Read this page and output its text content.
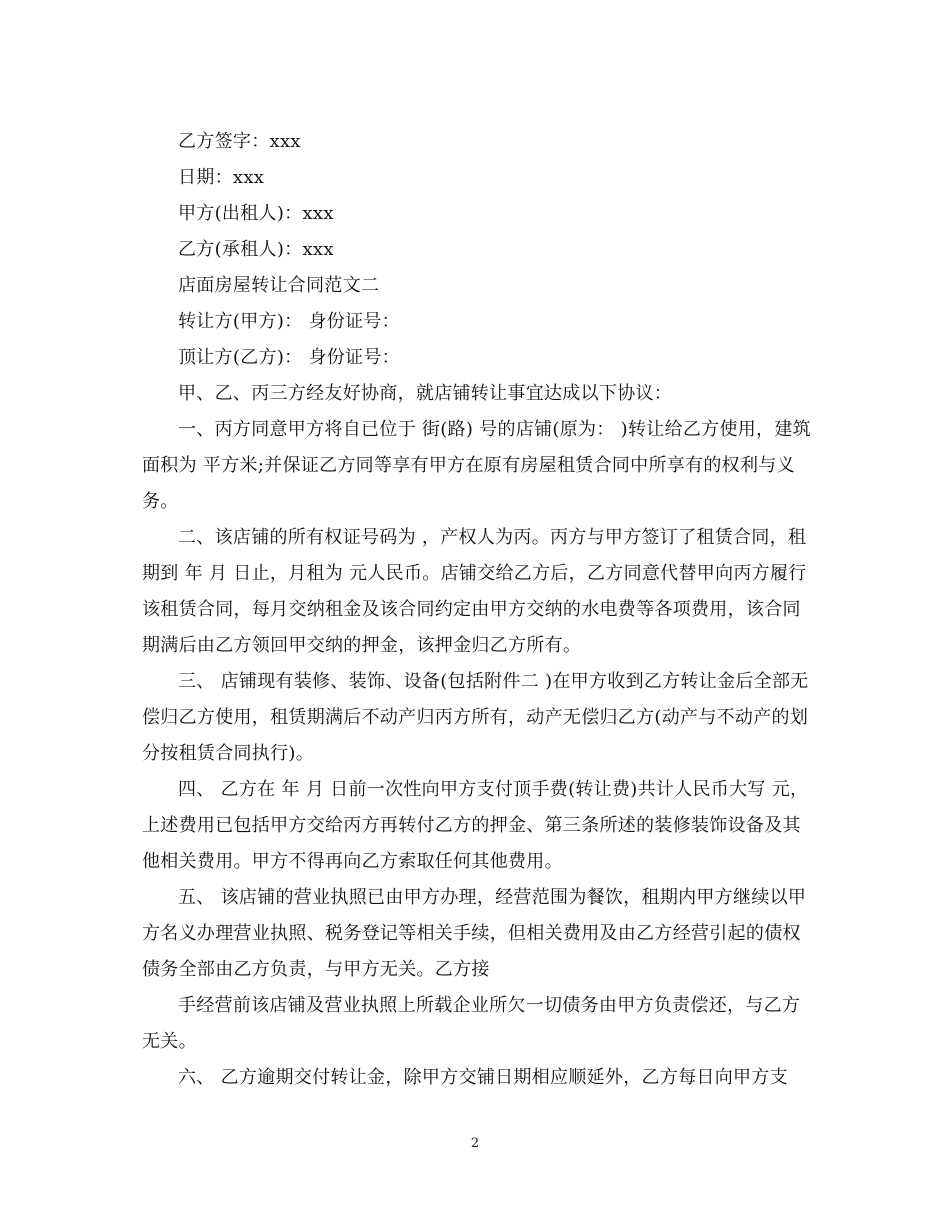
乙方签字：xxx

日期：xxx

甲方(出租人)：xxx

乙方(承租人)：xxx

店面房屋转让合同范文二

转让方(甲方)： 身份证号：

顶让方(乙方)： 身份证号：

甲、乙、丙三方经友好协商，就店铺转让事宜达成以下协议：

一、丙方同意甲方将自已位于 街(路) 号的店铺(原为： )转让给乙方使用，建筑面积为 平方米;并保证乙方同等享有甲方在原有房屋租赁合同中所享有的权利与义务。

二、该店铺的所有权证号码为 ，产权人为丙。丙方与甲方签订了租赁合同，租期到 年 月 日止，月租为 元人民币。店铺交给乙方后，乙方同意代替甲向丙方履行该租赁合同，每月交纳租金及该合同约定由甲方交纳的水电费等各项费用，该合同期满后由乙方领回甲交纳的押金，该押金归乙方所有。

三、 店铺现有装修、装饰、设备(包括附件二 )在甲方收到乙方转让金后全部无偿归乙方使用，租赁期满后不动产归丙方所有，动产无偿归乙方(动产与不动产的划分按租赁合同执行)。

四、 乙方在 年 月 日前一次性向甲方支付顶手费(转让费)共计人民币大写 元，上述费用已包括甲方交给丙方再转付乙方的押金、第三条所述的装修装饰设备及其他相关费用。甲方不得再向乙方索取任何其他费用。

五、 该店铺的营业执照已由甲方办理，经营范围为餐饮，租期内甲方继续以甲方名义办理营业执照、税务登记等相关手续，但相关费用及由乙方经营引起的债权债务全部由乙方负责，与甲方无关。乙方接

手经营前该店铺及营业执照上所载企业所欠一切债务由甲方负责偿还，与乙方无关。

六、 乙方逾期交付转让金，除甲方交铺日期相应顺延外，乙方每日向甲方支

2
